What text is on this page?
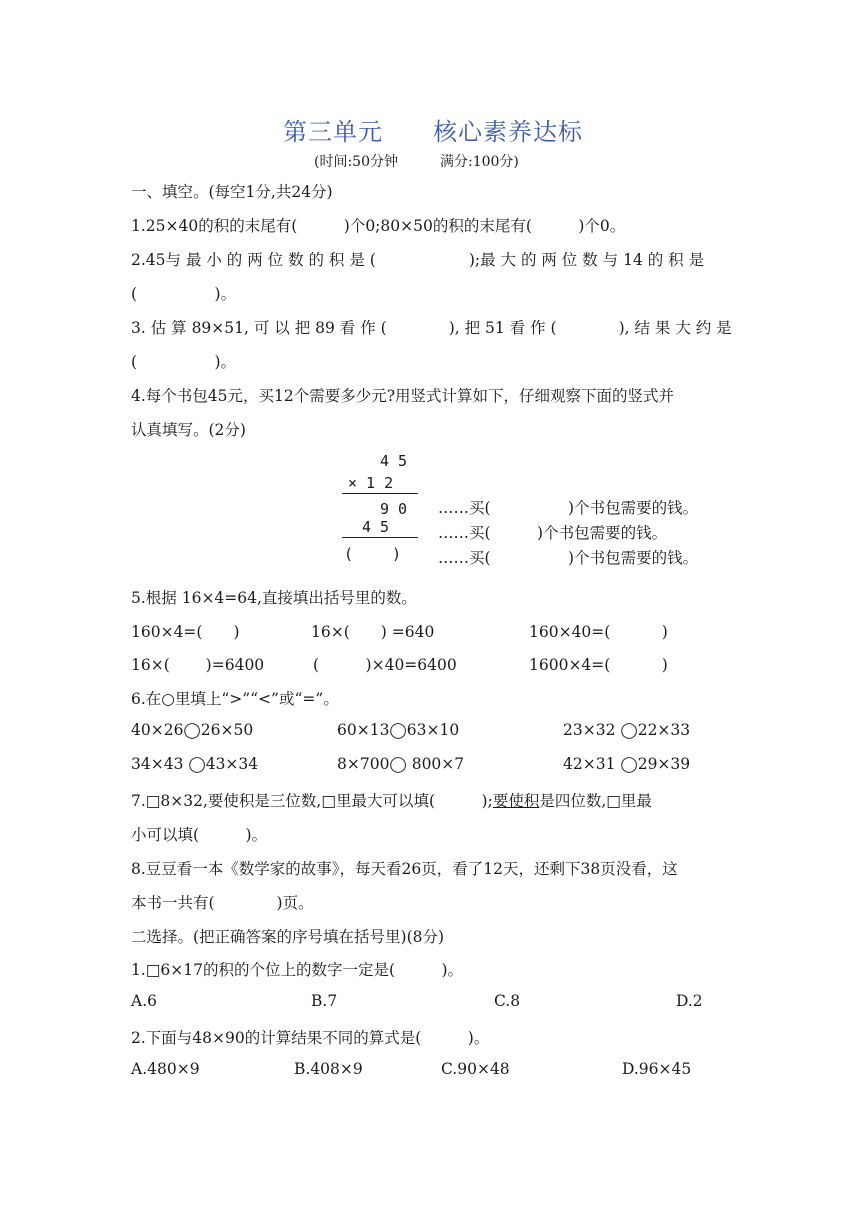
第三单元　　核心素养达标
(时间:50分钟　　　满分:100分)
一、填空。(每空1分,共24分)
1.25×40的积的末尾有(　　　)个0;80×50的积的末尾有(　　　)个0。
2.45与 最 小 的 两 位 数 的 积 是 (　　　　　　);最 大 的 两 位 数 与 14 的 积 是
(　　　　　)。
3. 估 算 89×51, 可 以 把 89 看 作 (　　　　), 把 51 看 作 (　　　　), 结 果 大 约 是
(　　　　　)。
4.每个书包45元，买12个需要多少元?用竖式计算如下，仔细观察下面的竖式并
认真填写。(2分)
4 5
× 1 2
9 0
4 5
(　　 )
……买(　　　　　)个书包需要的钱。
……买(　　　)个书包需要的钱。
……买(　　　　　)个书包需要的钱。
5.根据 16×4=64,直接填出括号里的数。
160×4=(　　)	16×(　　) =640	160×40=(　　　 )
16×(　　 )=6400	(　　　)×40=6400	1600×4=(　　　 )
6.在○里填上“>”“<”或“=”。
40×26◯26×50	60×13◯63×10	23×32 ◯22×33
34×43 ◯43×34	8×700◯ 800×7	42×31 ◯29×39
7.□8×32,要使积是三位数,□里最大可以填(　　　);要使积是四位数,□里最
小可以填(　　　)。
8.豆豆看一本《数学家的故事》，每天看26页，看了12天，还剩下38页没看，这
本书一共有(　　　　)页。
二选择。(把正确答案的序号填在括号里)(8分)
1.□6×17的积的个位上的数字一定是(　　　)。
A.6	B.7	C.8	D.2
2.下面与48×90的计算结果不同的算式是(　　　)。
A.480×9	B.408×9	C.90×48	D.96×45
